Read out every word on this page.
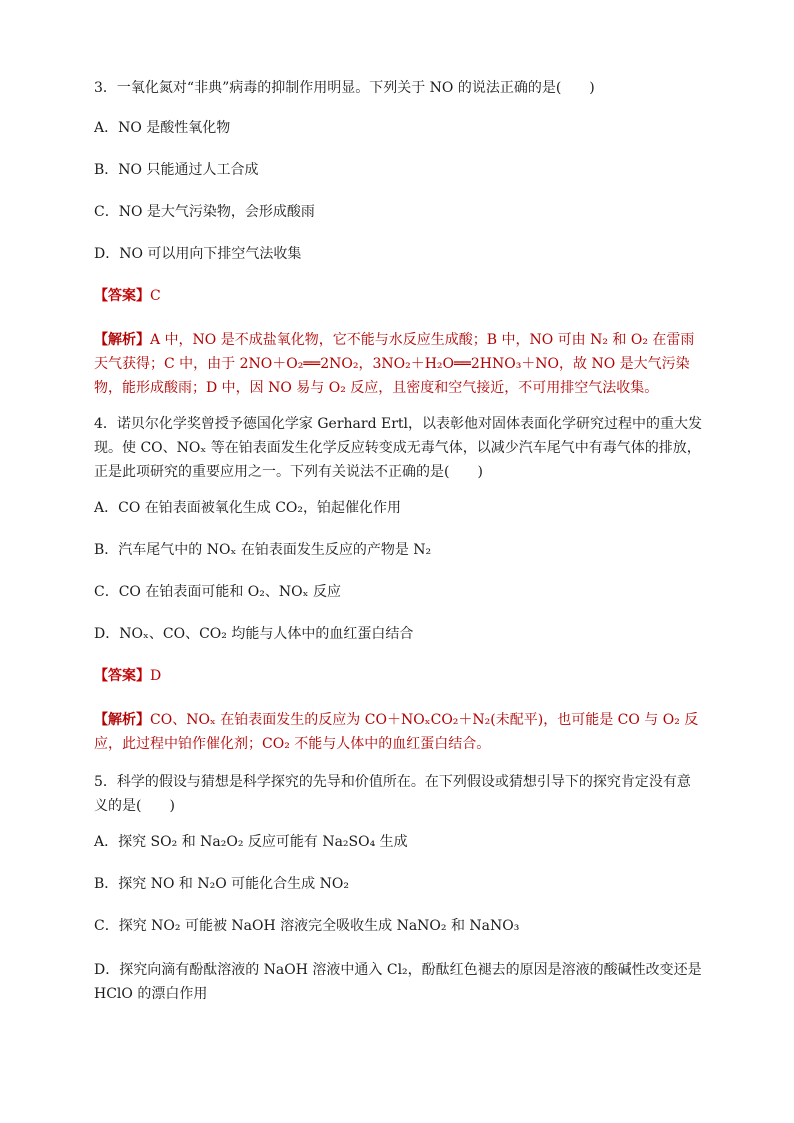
3．一氧化氮对“非典”病毒的抑制作用明显。下列关于 NO 的说法正确的是(　　)
A．NO 是酸性氧化物
B．NO 只能通过人工合成
C．NO 是大气污染物，会形成酸雨
D．NO 可以用向下排空气法收集
【答案】C
【解析】A 中，NO 是不成盐氧化物，它不能与水反应生成酸；B 中，NO 可由 N₂ 和 O₂ 在雷雨天气获得；C 中，由于 2NO＋O₂══2NO₂，3NO₂＋H₂O══2HNO₃＋NO，故 NO 是大气污染物，能形成酸雨；D 中，因 NO 易与 O₂ 反应，且密度和空气接近，不可用排空气法收集。
4．诺贝尔化学奖曾授予德国化学家 Gerhard Ertl，以表彰他对固体表面化学研究过程中的重大发现。使 CO、NOₓ 等在铂表面发生化学反应转变成无毒气体，以减少汽车尾气中有毒气体的排放，正是此项研究的重要应用之一。下列有关说法不正确的是(　　)
A．CO 在铂表面被氧化生成 CO₂，铂起催化作用
B．汽车尾气中的 NOₓ 在铂表面发生反应的产物是 N₂
C．CO 在铂表面可能和 O₂、NOₓ 反应
D．NOₓ、CO、CO₂ 均能与人体中的血红蛋白结合
【答案】D
【解析】CO、NOₓ 在铂表面发生的反应为 CO＋NOₓCO₂＋N₂(未配平)，也可能是 CO 与 O₂ 反应，此过程中铂作催化剂；CO₂ 不能与人体中的血红蛋白结合。
5．科学的假设与猜想是科学探究的先导和价值所在。在下列假设或猜想引导下的探究肯定没有意义的是(　　)
A．探究 SO₂ 和 Na₂O₂ 反应可能有 Na₂SO₄ 生成
B．探究 NO 和 N₂O 可能化合生成 NO₂
C．探究 NO₂ 可能被 NaOH 溶液完全吸收生成 NaNO₂ 和 NaNO₃
D．探究向滴有酚酞溶液的 NaOH 溶液中通入 Cl₂，酚酞红色褪去的原因是溶液的酸碱性改变还是 HClO 的漂白作用
